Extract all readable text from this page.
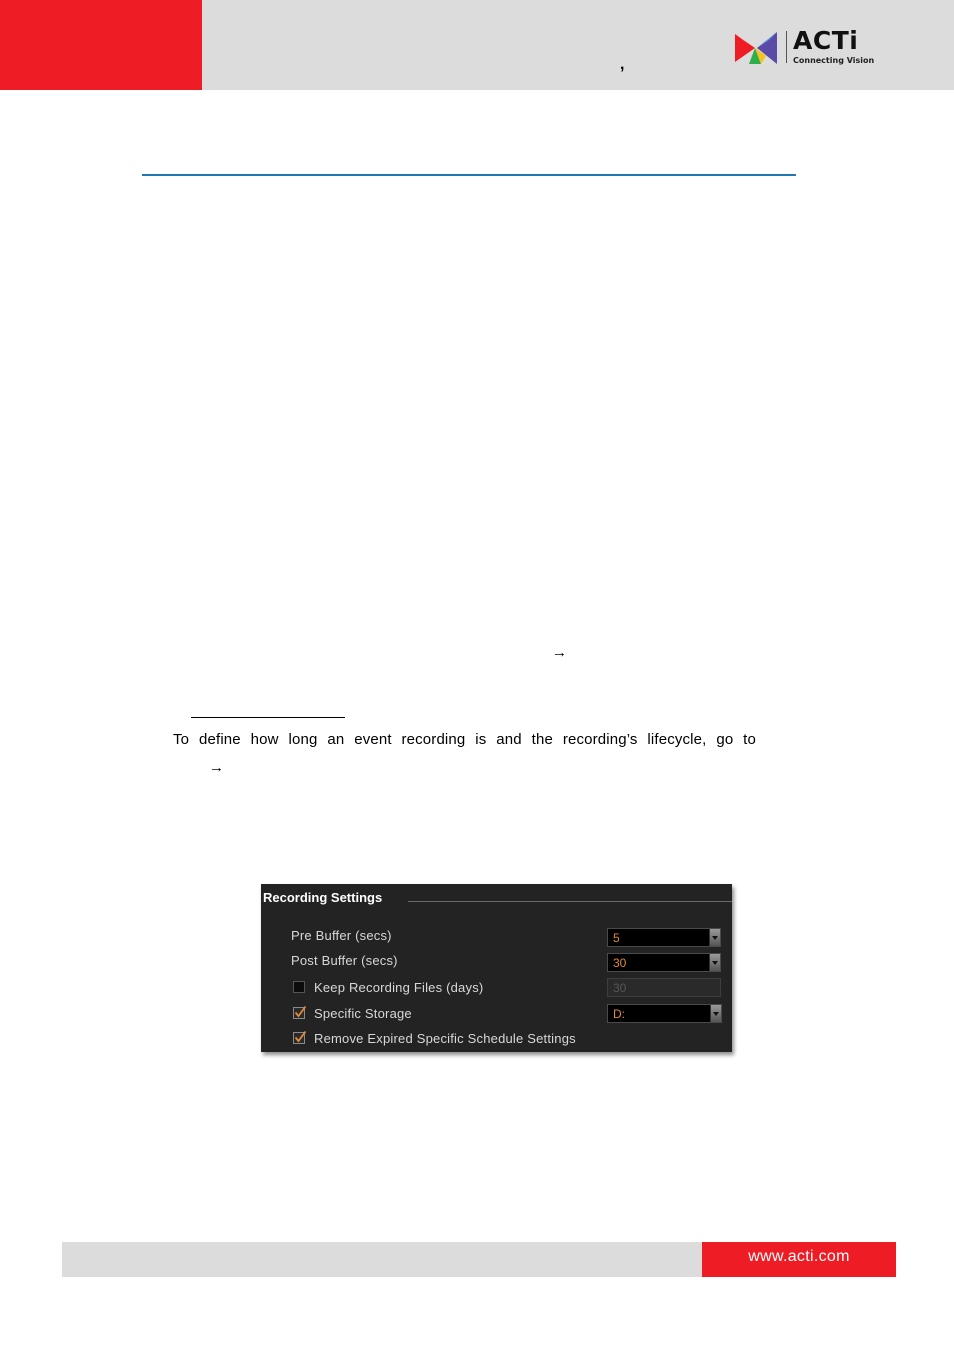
,
ACTi
Connecting Vision
→
To define how long an event recording is and the recording’s lifecycle, go to
→
Recording Settings
Pre Buffer (secs)	5
Post Buffer (secs)	30
Keep Recording Files (days)	30
Specific Storage	D:
Remove Expired Specific Schedule Settings
www.acti.com
